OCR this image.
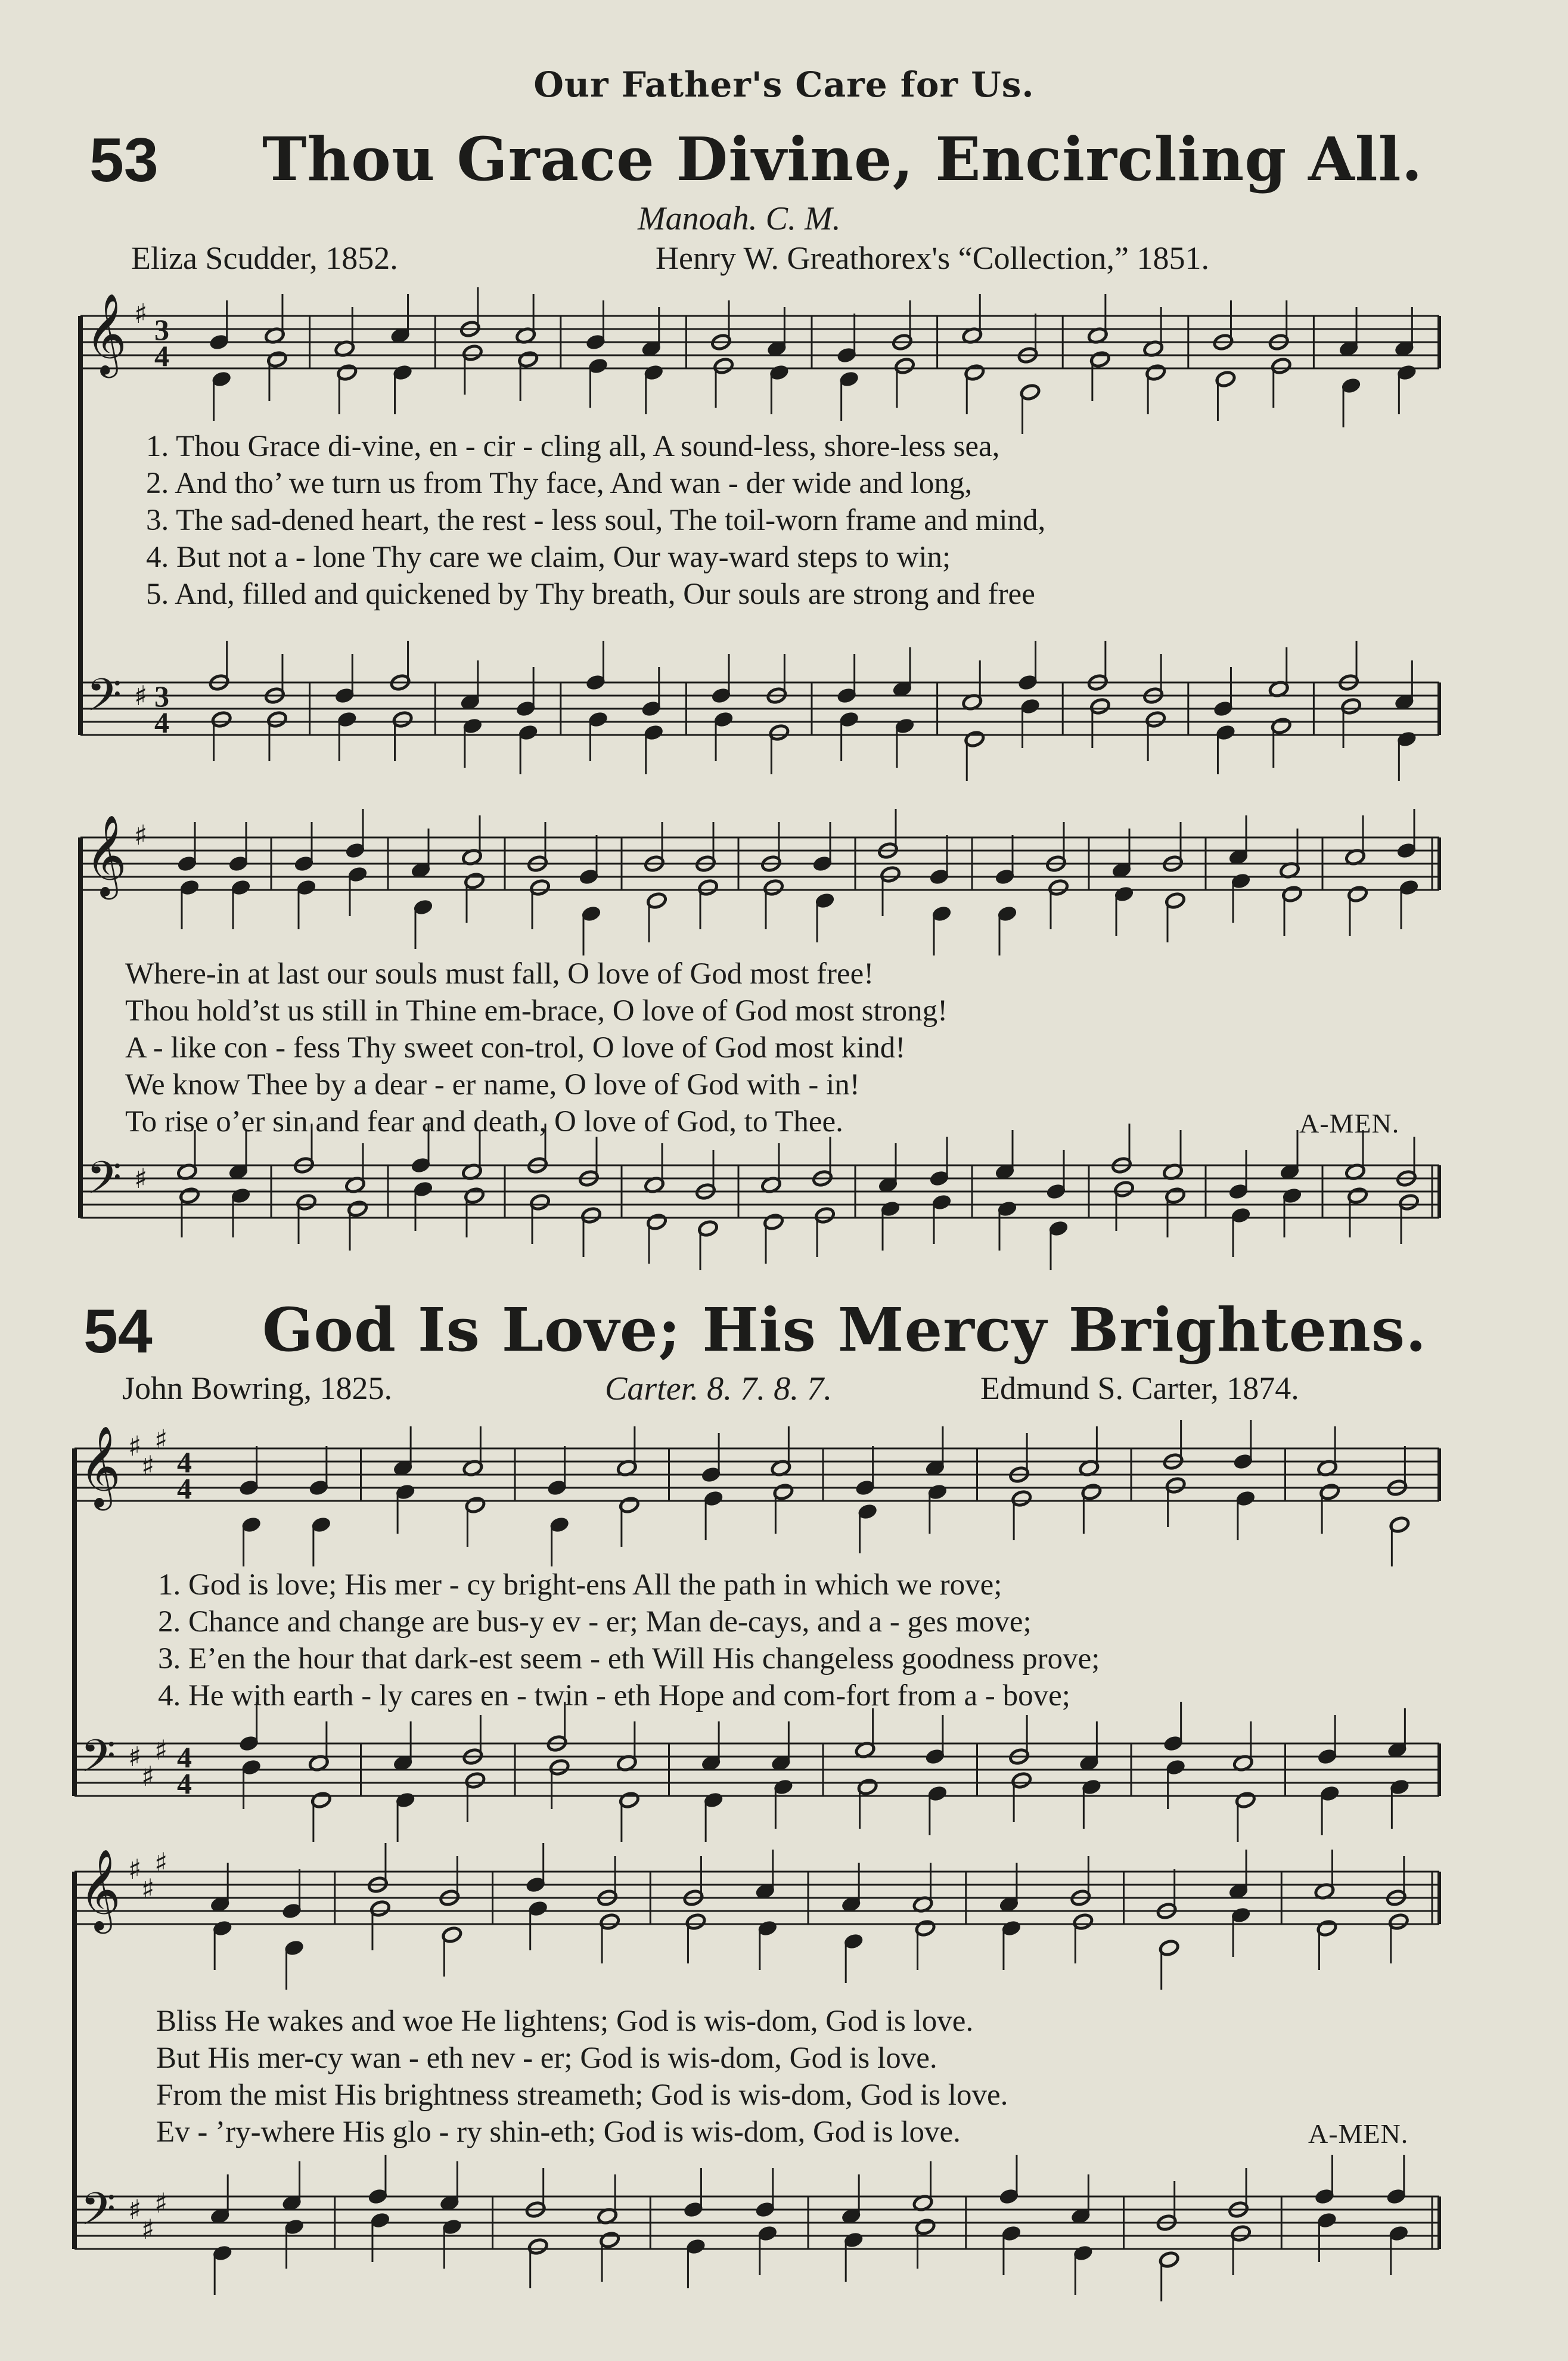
Our Father's Care for Us.
53 Thou Grace Divine, Encircling All.
Manoah. C. M.
Eliza Scudder, 1852.	Henry W. Greathorex's “Collection,” 1851.
1. Thou Grace di-vine, en - cir - cling all, A sound-less, shore-less sea,
2. And tho’ we turn us from Thy face, And wan - der wide and long,
3. The sad-dened heart, the rest - less soul, The toil-worn frame and mind,
4. But not a - lone Thy care we claim, Our way-ward steps to win;
5. And, filled and quickened by Thy breath, Our souls are strong and free
Where-in at last our souls must fall, O love of God most free!
Thou hold’st us still in Thine em-brace, O love of God most strong!
A - like con - fess Thy sweet con-trol, O love of God most kind!
We know Thee by a dear - er name, O love of God with - in!
To rise o’er sin and fear and death, O love of God, to Thee.	A-MEN.
54 God Is Love; His Mercy Brightens.
John Bowring, 1825.	Carter. 8. 7. 8. 7.	Edmund S. Carter, 1874.
1. God is love; His mer - cy bright-ens All the path in which we rove;
2. Chance and change are bus-y ev - er; Man de-cays, and a - ges move;
3. E’en the hour that dark-est seem - eth Will His changeless goodness prove;
4. He with earth - ly cares en - twin - eth Hope and com-fort from a - bove;
Bliss He wakes and woe He lightens; God is wis-dom, God is love.
But His mer-cy wan - eth nev - er; God is wis-dom, God is love.
From the mist His brightness streameth; God is wis-dom, God is love.
Ev - ’ry-where His glo - ry shin-eth; God is wis-dom, God is love.	A-MEN.
𝄞
𝄢
♯
♯
3
4
3
4
𝄞
𝄢
♯
♯
𝄞
𝄢
♯
♯
♯
♯
♯
♯
4
4
4
4
𝄞
𝄢
♯
♯
♯
♯
♯
♯
